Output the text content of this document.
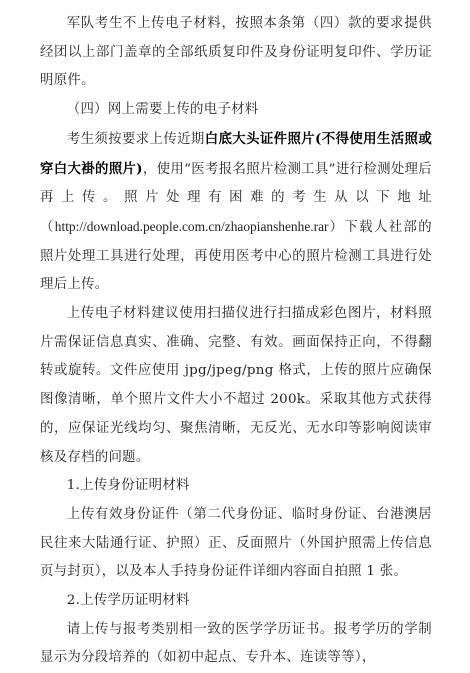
军队考生不上传电子材料，按照本条第（四）款的要求提供经团以上部门盖章的全部纸质复印件及身份证明复印件、学历证明原件。

（四）网上需要上传的电子材料

考生须按要求上传近期白底大头证件照片(不得使用生活照或穿白大褂的照片)，使用“医考报名照片检测工具”进行检测处理后再上传。照片处理有困难的考生从以下地址（http://download.people.com.cn/zhaopianshenhe.rar）下载人社部的照片处理工具进行处理，再使用医考中心的照片检测工具进行处理后上传。

上传电子材料建议使用扫描仪进行扫描成彩色图片，材料照片需保证信息真实、准确、完整、有效。画面保持正向，不得翻转或旋转。文件应使用 jpg/jpeg/png 格式，上传的照片应确保图像清晰，单个照片文件大小不超过 200k。采取其他方式获得的，应保证光线均匀、聚焦清晰，无反光、无水印等影响阅读审核及存档的问题。

1.上传身份证明材料

上传有效身份证件（第二代身份证、临时身份证、台港澳居民往来大陆通行证、护照）正、反面照片（外国护照需上传信息页与封页），以及本人手持身份证件详细内容面自拍照 1 张。

2.上传学历证明材料

请上传与报考类别相一致的医学学历证书。报考学历的学制显示为分段培养的（如初中起点、专升本、连读等等），
